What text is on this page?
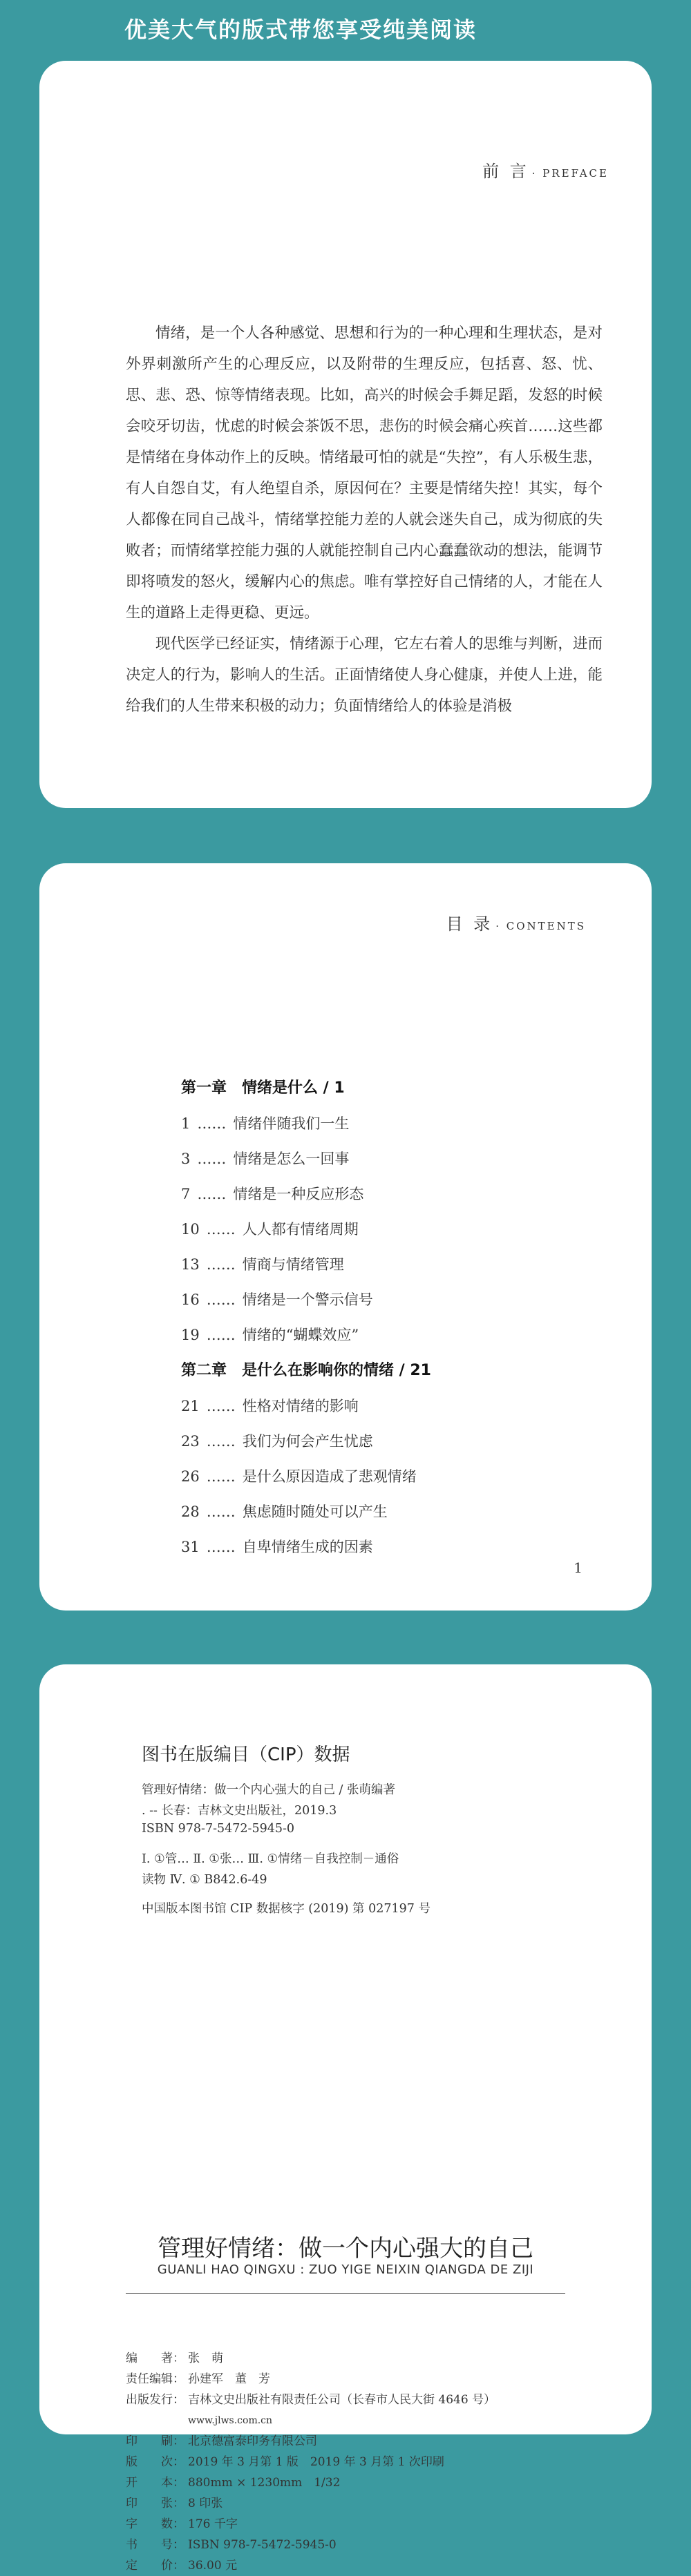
优美大气的版式带您享受纯美阅读
前 言 · PREFACE

情绪，是一个人各种感觉、思想和行为的一种心理和生理状态，是对外界刺激所产生的心理反应，以及附带的生理反应，包括喜、怒、忧、思、悲、恐、惊等情绪表现。比如，高兴的时候会手舞足蹈，发怒的时候会咬牙切齿，忧虑的时候会茶饭不思，悲伤的时候会痛心疾首……这些都是情绪在身体动作上的反映。情绪最可怕的就是“失控”，有人乐极生悲，有人自怨自艾，有人绝望自杀，原因何在？主要是情绪失控！其实，每个人都像在同自己战斗，情绪掌控能力差的人就会迷失自己，成为彻底的失败者；而情绪掌控能力强的人就能控制自己内心蠢蠢欲动的想法，能调节即将喷发的怒火，缓解内心的焦虑。唯有掌控好自己情绪的人，才能在人生的道路上走得更稳、更远。

现代医学已经证实，情绪源于心理，它左右着人的思维与判断，进而决定人的行为，影响人的生活。正面情绪使人身心健康，并使人上进，能给我们的人生带来积极的动力；负面情绪给人的体验是消极

目 录 · CONTENTS
第一章　情绪是什么 / 1
1 …… 情绪伴随我们一生
3 …… 情绪是怎么一回事
7 …… 情绪是一种反应形态
10 …… 人人都有情绪周期
13 …… 情商与情绪管理
16 …… 情绪是一个警示信号
19 …… 情绪的“蝴蝶效应”
第二章　是什么在影响你的情绪 / 21
21 …… 性格对情绪的影响
23 …… 我们为何会产生忧虑
26 …… 是什么原因造成了悲观情绪
28 …… 焦虑随时随处可以产生
31 …… 自卑情绪生成的因素
1
图书在版编目（CIP）数据
管理好情绪：做一个内心强大的自己 / 张萌编著
. -- 长春：吉林文史出版社，2019.3
ISBN 978-7-5472-5945-0
Ⅰ. ①管… Ⅱ. ①张… Ⅲ. ①情绪－自我控制－通俗
读物 Ⅳ. ① B842.6-49
中国版本图书馆 CIP 数据核字 (2019) 第 027197 号
管理好情绪：做一个内心强大的自己
GUANLI HAO QINGXU : ZUO YIGE NEIXIN QIANGDA DE ZIJI
编　　著： 张　萌
责任编辑： 孙建军　董　芳
出版发行： 吉林文史出版社有限责任公司（长春市人民大街 4646 号）
www.jlws.com.cn
印　　刷： 北京德富泰印务有限公司
版　　次： 2019 年 3 月第 1 版　2019 年 3 月第 1 次印刷
开　　本： 880mm × 1230mm　1/32
印　　张： 8 印张
字　　数： 176 千字
书　　号： ISBN 978-7-5472-5945-0
定　　价： 36.00 元
